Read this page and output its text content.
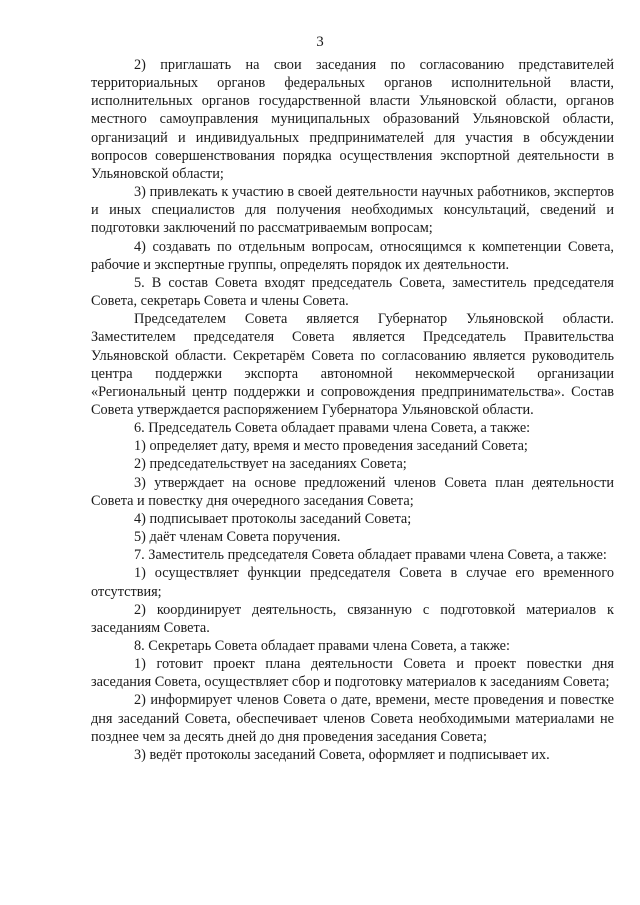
3

2) приглашать на свои заседания по согласованию представителей территориальных органов федеральных органов исполнительной власти, исполнительных органов государственной власти Ульяновской области, органов местного самоуправления муниципальных образований Ульяновской области, организаций и индивидуальных предпринимателей для участия в обсуждении вопросов совершенствования порядка осуществления экспортной деятельности в Ульяновской области;

3) привлекать к участию в своей деятельности научных работников, экспертов и иных специалистов для получения необходимых консультаций, сведений и подготовки заключений по рассматриваемым вопросам;

4) создавать по отдельным вопросам, относящимся к компетенции Совета, рабочие и экспертные группы, определять порядок их деятельности.

5. В состав Совета входят председатель Совета, заместитель председателя Совета, секретарь Совета и члены Совета.

Председателем Совета является Губернатор Ульяновской области. Заместителем председателя Совета является Председатель Правительства Ульяновской области. Секретарём Совета по согласованию является руководитель центра поддержки экспорта автономной некоммерческой организации «Региональный центр поддержки и сопровождения предпринимательства». Состав Совета утверждается распоряжением Губернатора Ульяновской области.

6. Председатель Совета обладает правами члена Совета, а также:

1) определяет дату, время и место проведения заседаний Совета;

2) председательствует на заседаниях Совета;

3) утверждает на основе предложений членов Совета план деятельности Совета и повестку дня очередного заседания Совета;

4) подписывает протоколы заседаний Совета;

5) даёт членам Совета поручения.

7. Заместитель председателя Совета обладает правами члена Совета, а также:

1) осуществляет функции председателя Совета в случае его временного отсутствия;

2) координирует деятельность, связанную с подготовкой материалов к заседаниям Совета.

8. Секретарь Совета обладает правами члена Совета, а также:

1) готовит проект плана деятельности Совета и проект повестки дня заседания Совета, осуществляет сбор и подготовку материалов к заседаниям Совета;

2) информирует членов Совета о дате, времени, месте проведения и повестке дня заседаний Совета, обеспечивает членов Совета необходимыми материалами не позднее чем за десять дней до дня проведения заседания Совета;

3) ведёт протоколы заседаний Совета, оформляет и подписывает их.
